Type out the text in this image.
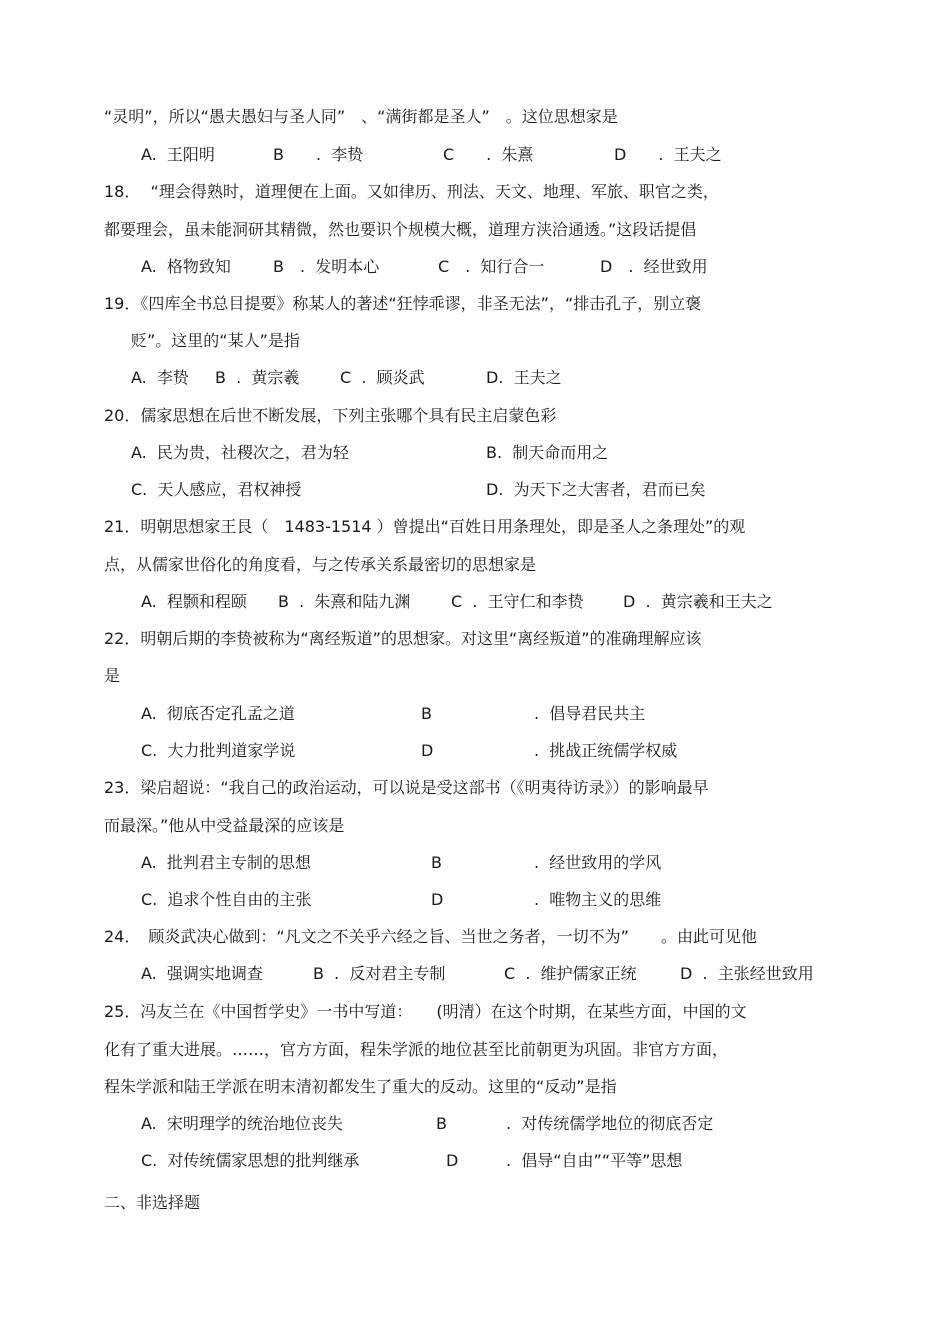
“灵明”，所以“愚夫愚妇与圣人同”　、“满街都是圣人”　。这位思想家是
A.  王阳明	B　　.  李贽	C　　.  朱熹	D　　.  王夫之
18．  “理会得熟时，道理便在上面。又如律历、刑法、天文、地理、军旅、职官之类，
都要理会，虽未能洞研其精微，然也要识个规模大概，道理方浃洽通透。”这段话提倡
A.  格物致知	B　.  发明本心	C　.  知行合一	D　.  经世致用
19．《四库全书总目提要》称某人的著述“狂悖乖谬，非圣无法”，“排击孔子，别立褒
贬”。这里的“某人”是指
A.  李贽 B  .  黄宗羲	C  .  顾炎武	D.  王夫之
20．儒家思想在后世不断发展，下列主张哪个具有民主启蒙色彩
A.  民为贵，社稷次之，君为轻	B.  制天命而用之
C.  天人感应，君权神授	D.  为天下之大害者，君而已矣
21．明朝思想家王艮（　1483-1514 ）曾提出“百姓日用条理处，即是圣人之条理处”的观
点，从儒家世俗化的角度看，与之传承关系最密切的思想家是
A.  程颢和程颐 B  .  朱熹和陆九渊	C  .  王守仁和李贽 D  .  黄宗羲和王夫之
22．明朝后期的李贽被称为“离经叛道”的思想家。对这里“离经叛道”的准确理解应该
是
A.  彻底否定孔孟之道	B	.  倡导君民共主
C.  大力批判道家学说	D	.  挑战正统儒学权威
23．梁启超说：“我自己的政治运动，可以说是受这部书（《明夷待访录》）的影响最早
而最深。”他从中受益最深的应该是
A.  批判君主专制的思想	B	.  经世致用的学风
C.  追求个性自由的主张	D	.  唯物主义的思维
24．　顾炎武决心做到：“凡文之不关乎六经之旨、当世之务者，一切不为”　　。由此可见他
A.  强调实地调查	B  .  反对君主专制	C  .  维护儒家正统	D  .  主张经世致用
25．冯友兰在《中国哲学史》一书中写道：　　(明清）在这个时期，在某些方面，中国的文
化有了重大进展。……，官方方面，程朱学派的地位甚至比前朝更为巩固。非官方方面，
程朱学派和陆王学派在明末清初都发生了重大的反动。这里的“反动”是指
A.  宋明理学的统治地位丧失	B	.  对传统儒学地位的彻底否定
C.  对传统儒家思想的批判继承	D	.  倡导“自由”“平等”思想
二、非选择题
